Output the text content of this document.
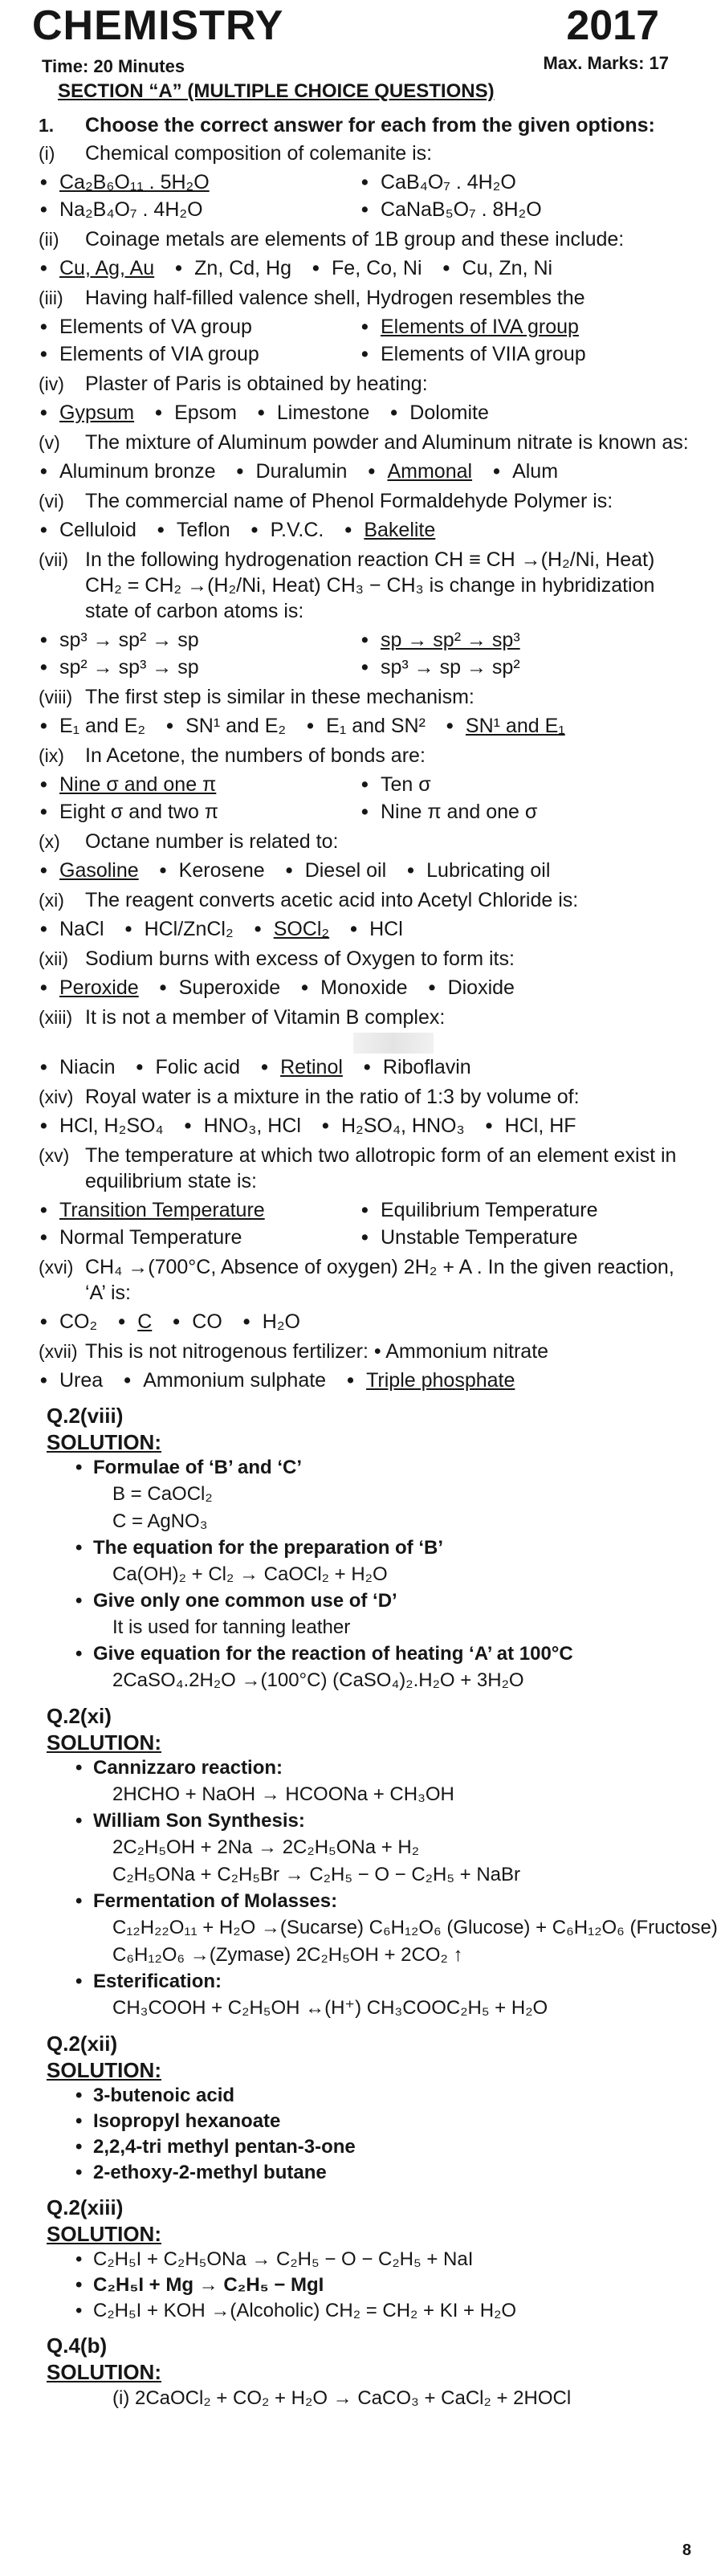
CHEMISTRY	2017
Time: 20 Minutes	Max. Marks: 17
SECTION “A” (MULTIPLE CHOICE QUESTIONS)
1.	Choose the correct answer for each from the given options:
(i)	Chemical composition of colemanite is:
• Ca₂B₆O₁₁ . 5H₂O	• CaB₄O₇ . 4H₂O
• Na₂B₄O₇ . 4H₂O	• CaNaB₅O₇ . 8H₂O
(ii)	Coinage metals are elements of 1B group and these include:
• Cu, Ag, Au • Zn, Cd, Hg • Fe, Co, Ni • Cu, Zn, Ni
(iii)	Having half-filled valence shell, Hydrogen resembles the
• Elements of VA group	• Elements of IVA group
• Elements of VIA group	• Elements of VIIA group
(iv)	Plaster of Paris is obtained by heating:
• Gypsum • Epsom • Limestone • Dolomite
(v)	The mixture of Aluminum powder and Aluminum nitrate is known as:
• Aluminum bronze • Duralumin • Ammonal • Alum
(vi)	The commercial name of Phenol Formaldehyde Polymer is:
• Celluloid • Teflon • P.V.C. • Bakelite
(vii) In the following hydrogenation reaction CH ≡ CH →(H₂/Ni, Heat) CH₂ = CH₂ →(H₂/Ni, Heat) CH₃ − CH₃ is change in hybridization state of carbon atoms is:
• sp³ → sp² → sp	• sp → sp² → sp³
• sp² → sp³ → sp	• sp³ → sp → sp²
(viii) The first step is similar in these mechanism:
• E₁ and E₂ • SN¹ and E₂ • E₁ and SN² • SN¹ and E₁
(ix)	In Acetone, the numbers of bonds are:
• Nine σ and one π	• Ten σ
• Eight σ and two π	• Nine π and one σ
(x)	Octane number is related to:
• Gasoline • Kerosene • Diesel oil • Lubricating oil
(xi)	The reagent converts acetic acid into Acetyl Chloride is:
• NaCl • HCl/ZnCl₂ • SOCl₂ • HCl
(xii) Sodium burns with excess of Oxygen to form its:
• Peroxide • Superoxide • Monoxide • Dioxide
(xiii) It is not a member of Vitamin B complex:
• Niacin • Folic acid • Retinol • Riboflavin
(xiv) Royal water is a mixture in the ratio of 1:3 by volume of:
• HCl, H₂SO₄ • HNO₃, HCl • H₂SO₄, HNO₃ • HCl, HF
(xv) The temperature at which two allotropic form of an element exist in equilibrium state is:
• Transition Temperature	• Equilibrium Temperature
• Normal Temperature	• Unstable Temperature
(xvi) CH₄ →(700°C, Absence of oxygen) 2H₂ + A . In the given reaction, ‘A’ is:
• CO₂ • C • CO • H₂O
(xvii) This is not nitrogenous fertilizer: • Ammonium nitrate
• Urea • Ammonium sulphate • Triple phosphate
Q.2(viii)
SOLUTION:
• Formulae of ‘B’ and ‘C’
B = CaOCl₂
C = AgNO₃
• The equation for the preparation of ‘B’
Ca(OH)₂ + Cl₂ → CaOCl₂ + H₂O
• Give only one common use of ‘D’
It is used for tanning leather
• Give equation for the reaction of heating ‘A’ at 100°C
2CaSO₄.2H₂O →(100°C) (CaSO₄)₂.H₂O + 3H₂O
Q.2(xi)
SOLUTION:
• Cannizzaro reaction:
2HCHO + NaOH → HCOONa + CH₃OH
• William Son Synthesis:
2C₂H₅OH + 2Na → 2C₂H₅ONa + H₂
C₂H₅ONa + C₂H₅Br → C₂H₅ − O − C₂H₅ + NaBr
• Fermentation of Molasses:
C₁₂H₂₂O₁₁ + H₂O →(Sucarse) C₆H₁₂O₆ (Glucose) + C₆H₁₂O₆ (Fructose)
C₆H₁₂O₆ →(Zymase) 2C₂H₅OH + 2CO₂ ↑
• Esterification:
CH₃COOH + C₂H₅OH ↔(H⁺) CH₃COOC₂H₅ + H₂O
Q.2(xii)
SOLUTION:
• 3-butenoic acid
• Isopropyl hexanoate
• 2,2,4-tri methyl pentan-3-one
• 2-ethoxy-2-methyl butane
Q.2(xiii)
SOLUTION:
• C₂H₅I + C₂H₅ONa → C₂H₅ − O − C₂H₅ + NaI
• C₂H₅I + Mg → C₂H₅ − MgI
• C₂H₅I + KOH →(Alcoholic) CH₂ = CH₂ + KI + H₂O
Q.4(b)
SOLUTION:
(i) 2CaOCl₂ + CO₂ + H₂O → CaCO₃ + CaCl₂ + 2HOCl
8
